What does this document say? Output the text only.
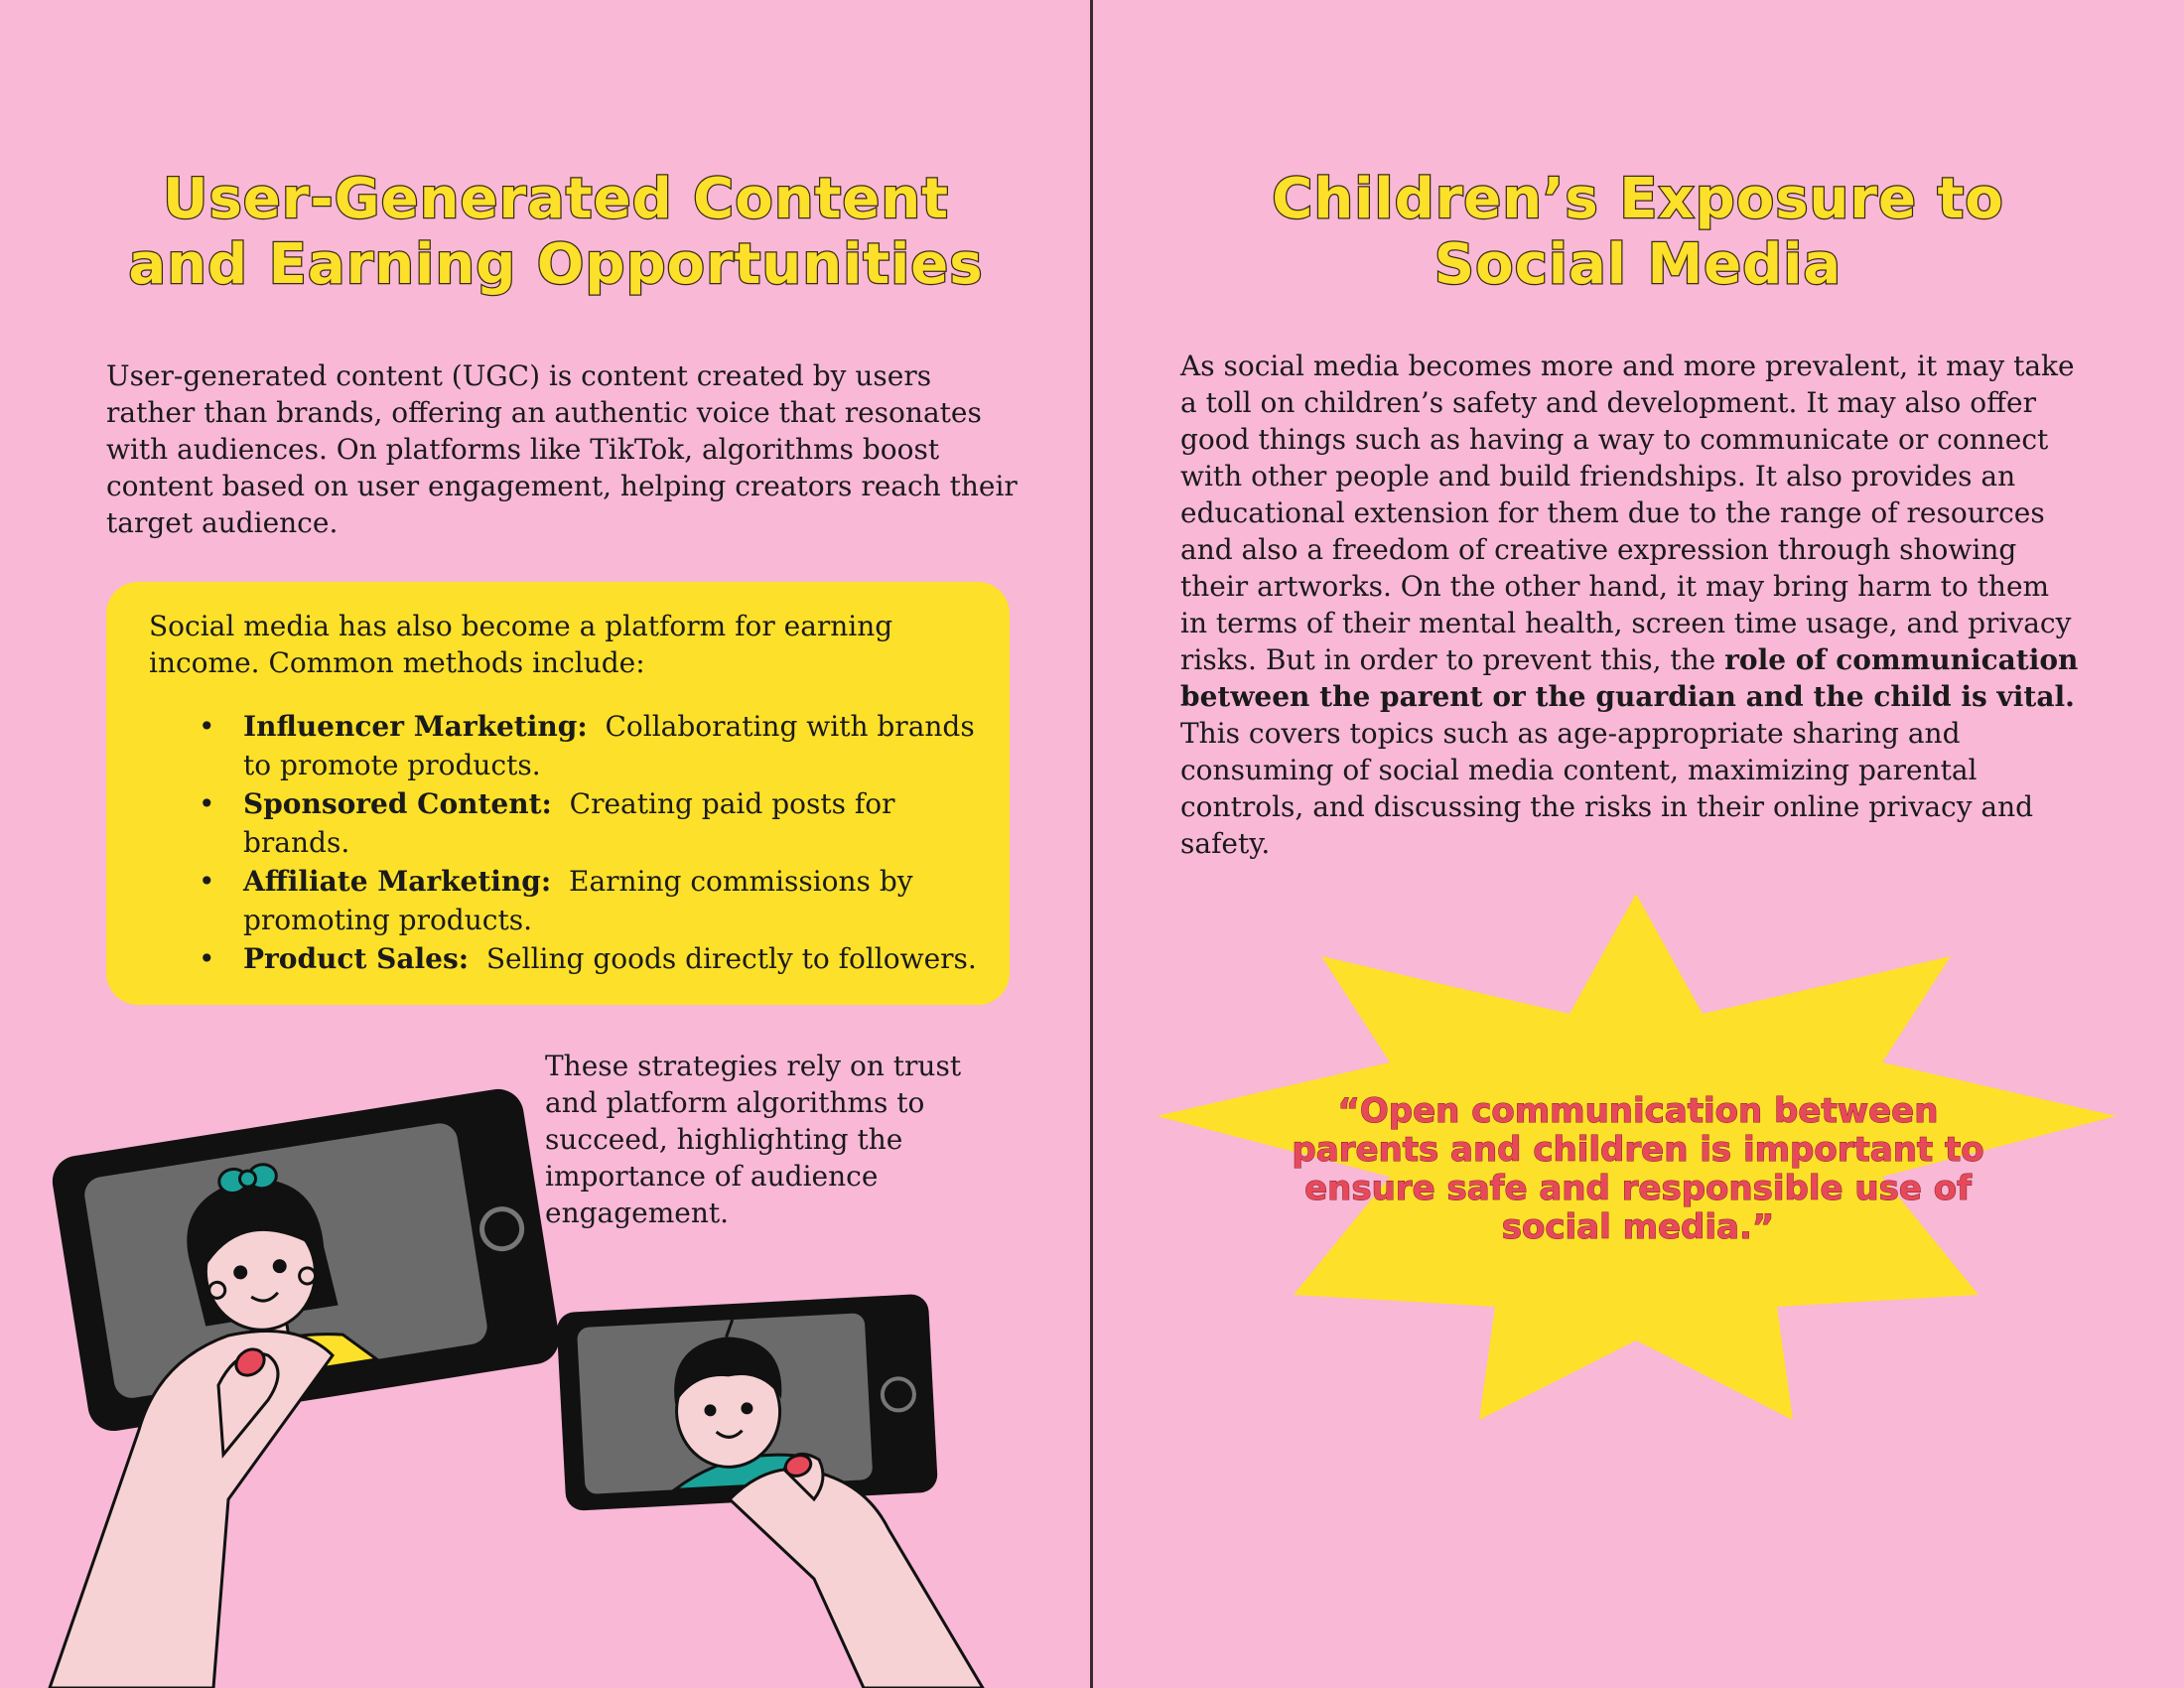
User-Generated Content
and Earning Opportunities

User-generated content (UGC) is content created by users rather than brands, offering an authentic voice that resonates with audiences. On platforms like TikTok, algorithms boost content based on user engagement, helping creators reach their target audience.

Social media has also become a platform for earning income. Common methods include:

• Influencer Marketing: Collaborating with brands to promote products.
• Sponsored Content: Creating paid posts for brands.
• Affiliate Marketing: Earning commissions by promoting products.
• Product Sales: Selling goods directly to followers.

These strategies rely on trust and platform algorithms to succeed, highlighting the importance of audience engagement.

Children’s Exposure to
Social Media

As social media becomes more and more prevalent, it may take a toll on children’s safety and development. It may also offer good things such as having a way to communicate or connect with other people and build friendships. It also provides an educational extension for them due to the range of resources and also a freedom of creative expression through showing their artworks. On the other hand, it may bring harm to them in terms of their mental health, screen time usage, and privacy risks. But in order to prevent this, the role of communication between the parent or the guardian and the child is vital. This covers topics such as age-appropriate sharing and consuming of social media content, maximizing parental controls, and discussing the risks in their online privacy and safety.

“Open communication between parents and children is important to ensure safe and responsible use of social media.”
